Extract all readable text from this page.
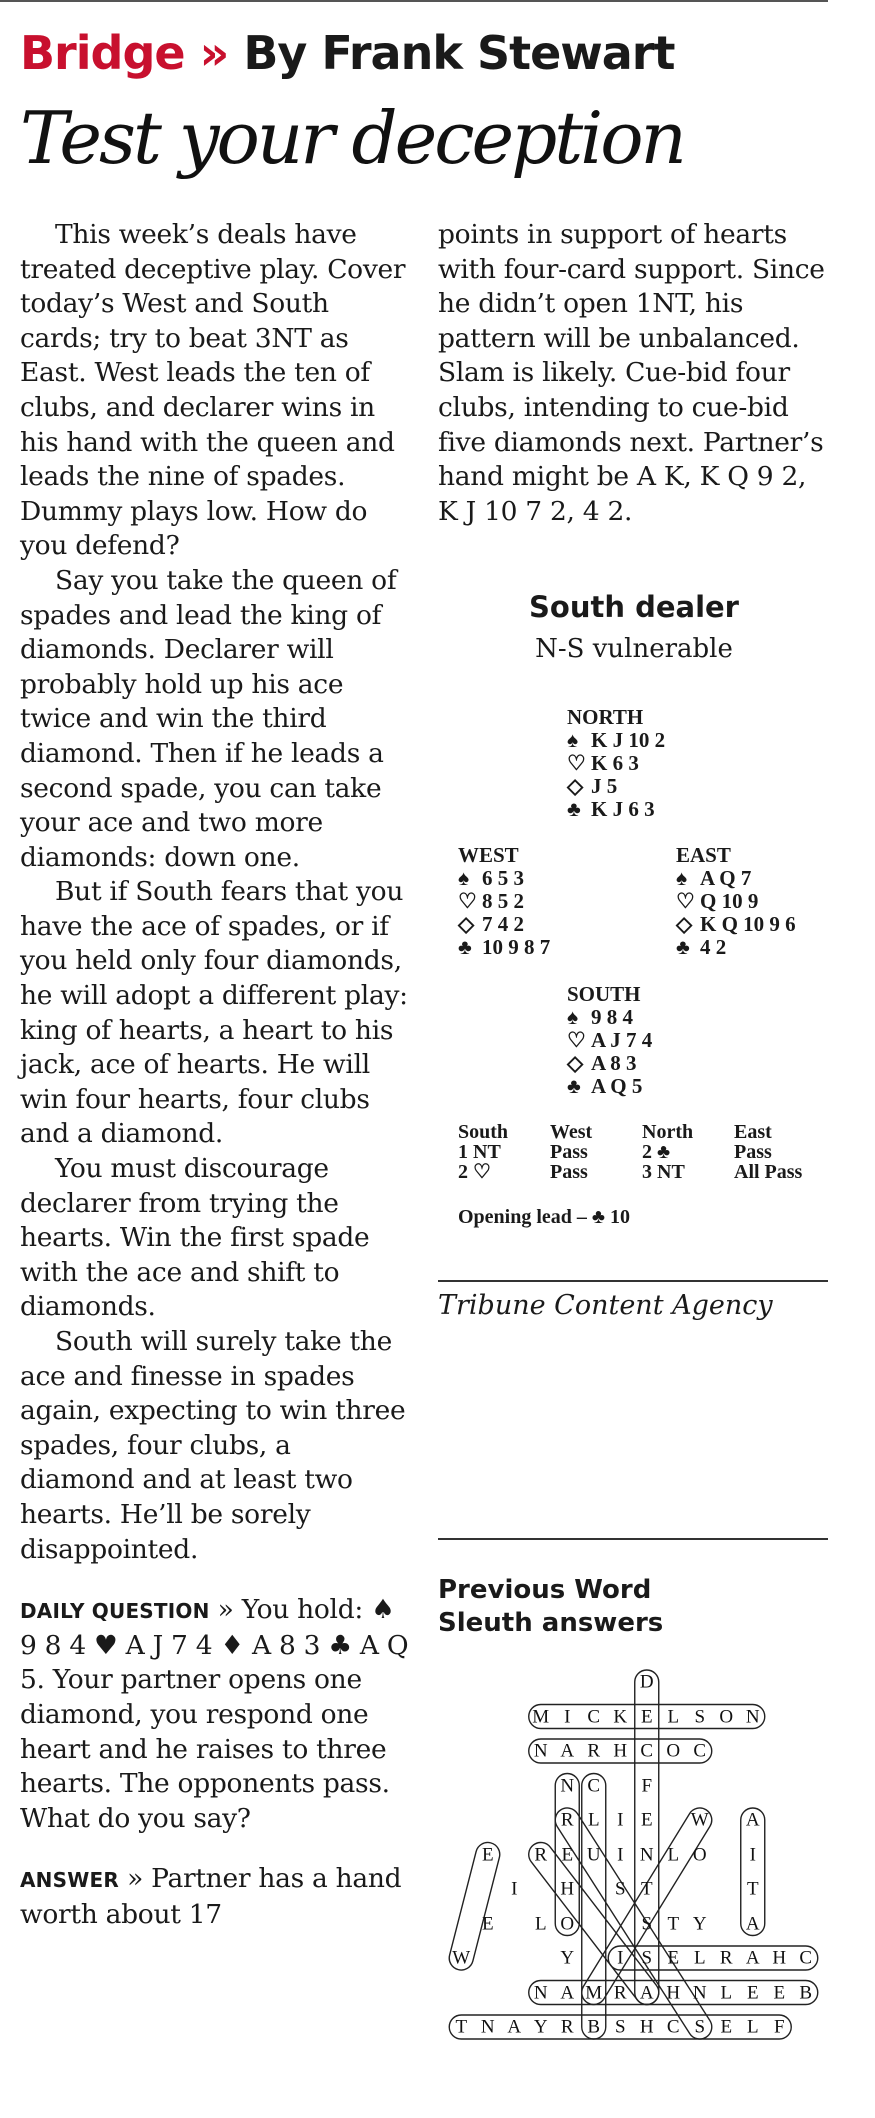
Bridge » By Frank Stewart
Test your deception

This week’s deals have treated deceptive play. Cover today’s West and South cards; try to beat 3NT as East. West leads the ten of clubs, and declarer wins in his hand with the queen and leads the nine of spades. Dummy plays low. How do you defend?

Say you take the queen of spades and lead the king of diamonds. Declarer will probably hold up his ace twice and win the third diamond. Then if he leads a second spade, you can take your ace and two more diamonds: down one.

But if South fears that you have the ace of spades, or if you held only four diamonds, he will adopt a different play: king of hearts, a heart to his jack, ace of hearts. He will win four hearts, four clubs and a diamond.

You must discourage declarer from trying the hearts. Win the first spade with the ace and shift to diamonds.

South will surely take the ace and finesse in spades again, expecting to win three spades, four clubs, a diamond and at least two hearts. He’ll be sorely disappointed.

DAILY QUESTION » You hold: ♠ 9 8 4 ♥ A J 7 4 ♦ A 8 3 ♣ A Q 5. Your partner opens one diamond, you respond one heart and he raises to three hearts. The opponents pass. What do you say?

ANSWER » Partner has a hand worth about 17

points in support of hearts with four-card support. Since he didn’t open 1NT, his pattern will be unbalanced. Slam is likely. Cue-bid four clubs, intending to cue-bid five diamonds next. Partner’s hand might be A K, K Q 9 2, K J 10 7 2, 4 2.

South dealer
N-S vulnerable
NORTH
♠ K J 10 2
♡ K 6 3
◇ J 5
♣ K J 6 3
WEST
♠ 6 5 3
♡ 8 5 2
◇ 7 4 2
♣ 10 9 8 7
EAST
♠ A Q 7
♡ Q 10 9
◇ K Q 10 9 6
♣ 4 2
SOUTH
♠ 9 8 4
♡ A J 7 4
◇ A 8 3
♣ A Q 5
South	West	North	East
1 NT	Pass	2 ♣	Pass
2 ♡	Pass	3 NT	All Pass
Opening lead – ♣ 10
Tribune Content Agency
Previous Word Sleuth answers
D
M I C K E L S O N
N A R H C O C
N C F
R L I E W A
E R E U I N L O I
I H S T	T
E L O	S T Y A
W	Y I S E L R A H C
N A M R A H N L E E B
T N A Y R B S H C S E L F
